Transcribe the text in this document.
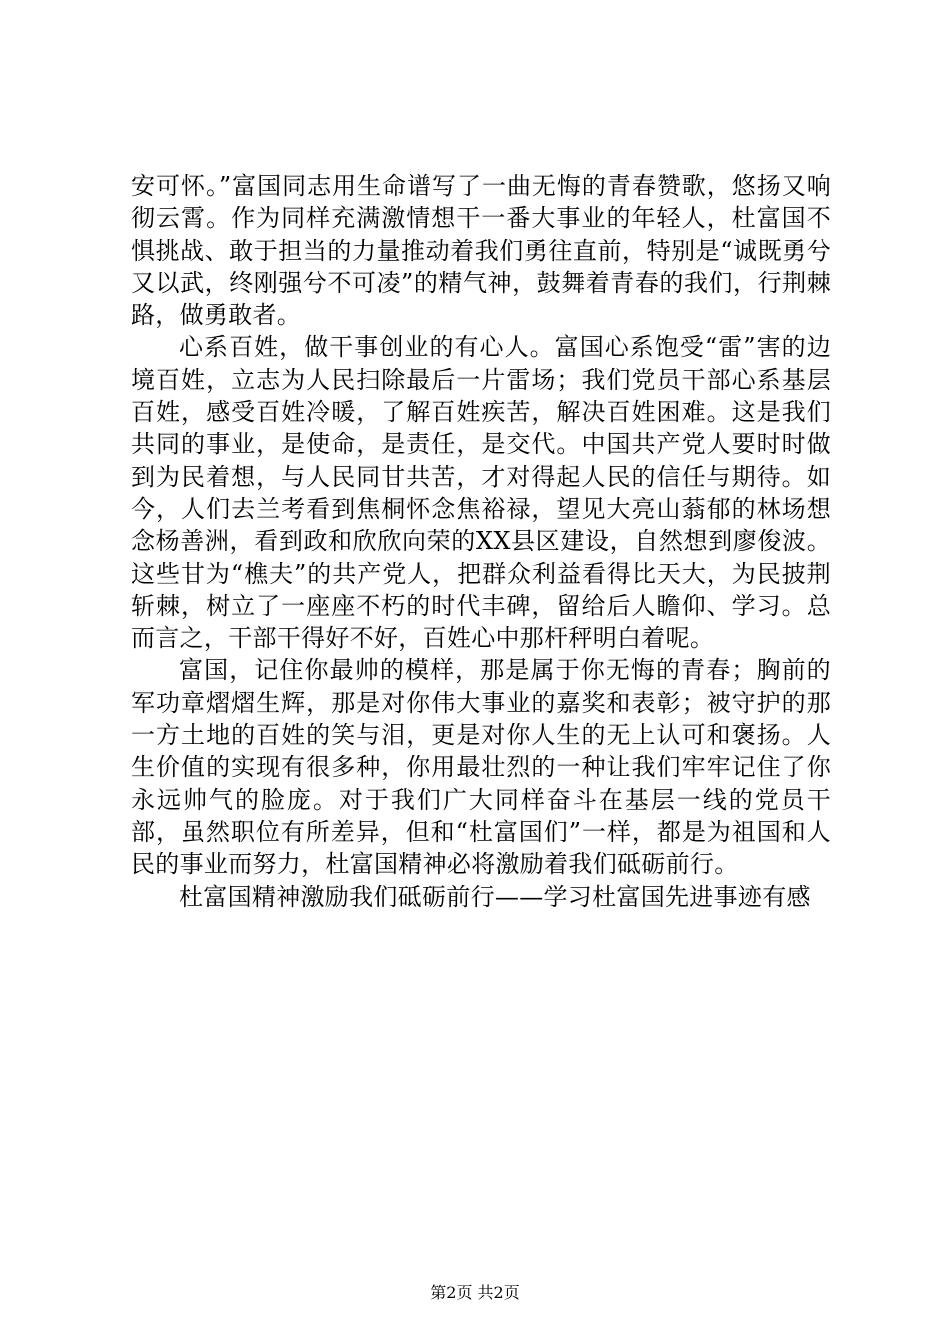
安可怀。”富国同志用生命谱写了一曲无悔的青春赞歌，悠扬又响彻云霄。作为同样充满激情想干一番大事业的年轻人，杜富国不惧挑战、敢于担当的力量推动着我们勇往直前，特别是“诚既勇兮又以武，终刚强兮不可凌”的精气神，鼓舞着青春的我们，行荆棘路，做勇敢者。

心系百姓，做干事创业的有心人。富国心系饱受“雷”害的边境百姓，立志为人民扫除最后一片雷场；我们党员干部心系基层百姓，感受百姓冷暖，了解百姓疾苦，解决百姓困难。这是我们共同的事业，是使命，是责任，是交代。中国共产党人要时时做到为民着想，与人民同甘共苦，才对得起人民的信任与期待。如今，人们去兰考看到焦桐怀念焦裕禄，望见大亮山蓊郁的林场想念杨善洲，看到政和欣欣向荣的XX县区建设，自然想到廖俊波。这些甘为“樵夫”的共产党人，把群众利益看得比天大，为民披荆斩棘，树立了一座座不朽的时代丰碑，留给后人瞻仰、学习。总而言之，干部干得好不好，百姓心中那杆秤明白着呢。

富国，记住你最帅的模样，那是属于你无悔的青春；胸前的军功章熠熠生辉，那是对你伟大事业的嘉奖和表彰；被守护的那一方土地的百姓的笑与泪，更是对你人生的无上认可和褒扬。人生价值的实现有很多种，你用最壮烈的一种让我们牢牢记住了你永远帅气的脸庞。对于我们广大同样奋斗在基层一线的党员干部，虽然职位有所差异，但和“杜富国们”一样，都是为祖国和人民的事业而努力，杜富国精神必将激励着我们砥砺前行。

杜富国精神激励我们砥砺前行——学习杜富国先进事迹有感

第2页 共2页
